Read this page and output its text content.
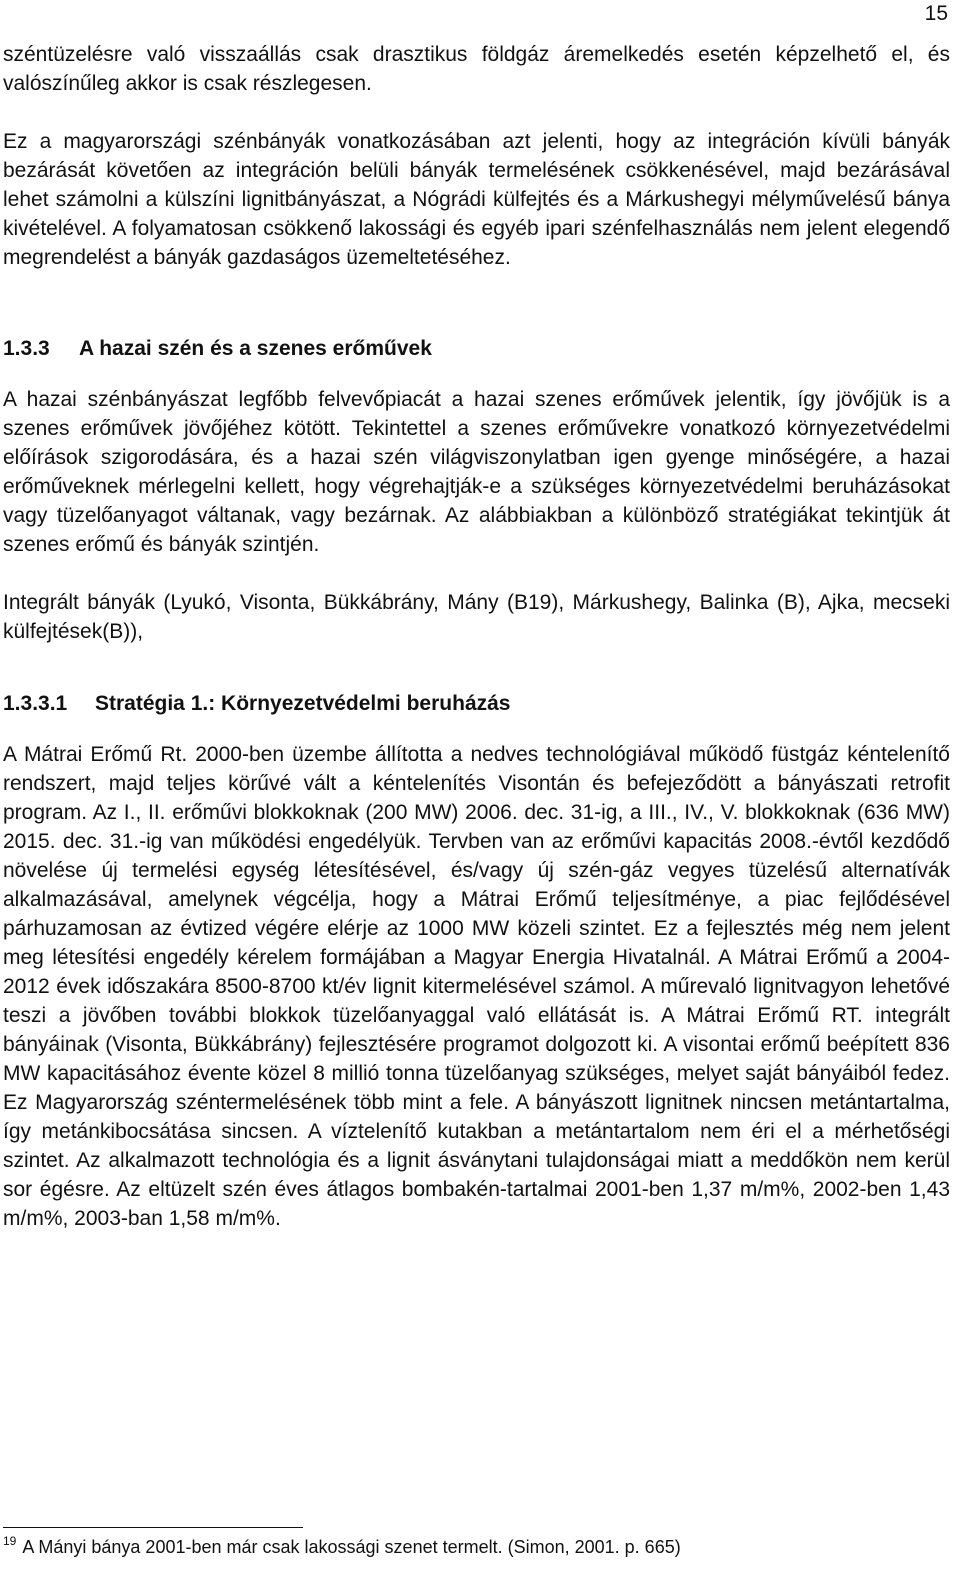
15

széntüzelésre való visszaállás csak drasztikus földgáz áremelkedés esetén képzelhető el, és valószínűleg akkor is csak részlegesen.

Ez a magyarországi szénbányák vonatkozásában azt jelenti, hogy az integráción kívüli bányák bezárását követően az integráción belüli bányák termelésének csökkenésével, majd bezárásával lehet számolni a külszíni lignitbányászat, a Nógrádi külfejtés és a Márkushegyi mélyművelésű bánya kivételével. A folyamatosan csökkenő lakossági és egyéb ipari szénfelhasználás nem jelent elegendő megrendelést a bányák gazdaságos üzemeltetéséhez.

1.3.3 A hazai szén és a szenes erőművek

A hazai szénbányászat legfőbb felvevőpiacát a hazai szenes erőművek jelentik, így jövőjük is a szenes erőművek jövőjéhez kötött. Tekintettel a szenes erőművekre vonatkozó környezetvédelmi előírások szigorodására, és a hazai szén világviszonylatban igen gyenge minőségére, a hazai erőműveknek mérlegelni kellett, hogy végrehajtják-e a szükséges környezetvédelmi beruházásokat vagy tüzelőanyagot váltanak, vagy bezárnak. Az alábbiakban a különböző stratégiákat tekintjük át szenes erőmű és bányák szintjén.

Integrált bányák (Lyukó, Visonta, Bükkábrány, Mány (B19), Márkushegy, Balinka (B), Ajka, mecseki külfejtések(B)),

1.3.3.1 Stratégia 1.: Környezetvédelmi beruházás

A Mátrai Erőmű Rt. 2000-ben üzembe állította a nedves technológiával működő füstgáz kéntelenítő rendszert, majd teljes körűvé vált a kéntelenítés Visontán és befejeződött a bányászati retrofit program. Az I., II. erőművi blokkoknak (200 MW) 2006. dec. 31-ig, a III., IV., V. blokkoknak (636 MW) 2015. dec. 31.-ig van működési engedélyük. Tervben van az erőművi kapacitás 2008.-évtől kezdődő növelése új termelési egység létesítésével, és/vagy új szén-gáz vegyes tüzelésű alternatívák alkalmazásával, amelynek végcélja, hogy a Mátrai Erőmű teljesítménye, a piac fejlődésével párhuzamosan az évtized végére elérje az 1000 MW közeli szintet. Ez a fejlesztés még nem jelent meg létesítési engedély kérelem formájában a Magyar Energia Hivatalnál. A Mátrai Erőmű a 2004-2012 évek időszakára 8500-8700 kt/év lignit kitermelésével számol. A műrevaló lignitvagyon lehetővé teszi a jövőben további blokkok tüzelőanyaggal való ellátását is. A Mátrai Erőmű RT. integrált bányáinak (Visonta, Bükkábrány) fejlesztésére programot dolgozott ki. A visontai erőmű beépített 836 MW kapacitásához évente közel 8 millió tonna tüzelőanyag szükséges, melyet saját bányáiból fedez. Ez Magyarország széntermelésének több mint a fele. A bányászott lignitnek nincsen metántartalma, így metánkibocsátása sincsen. A víztelenítő kutakban a metántartalom nem éri el a mérhetőségi szintet. Az alkalmazott technológia és a lignit ásványtani tulajdonságai miatt a meddőkön nem kerül sor égésre. Az eltüzelt szén éves átlagos bombakén-tartalmai 2001-ben 1,37 m/m%, 2002-ben 1,43 m/m%, 2003-ban 1,58 m/m%.

$^{19}$ A Mányi bánya 2001-ben már csak lakossági szenet termelt. (Simon, 2001. p. 665)
